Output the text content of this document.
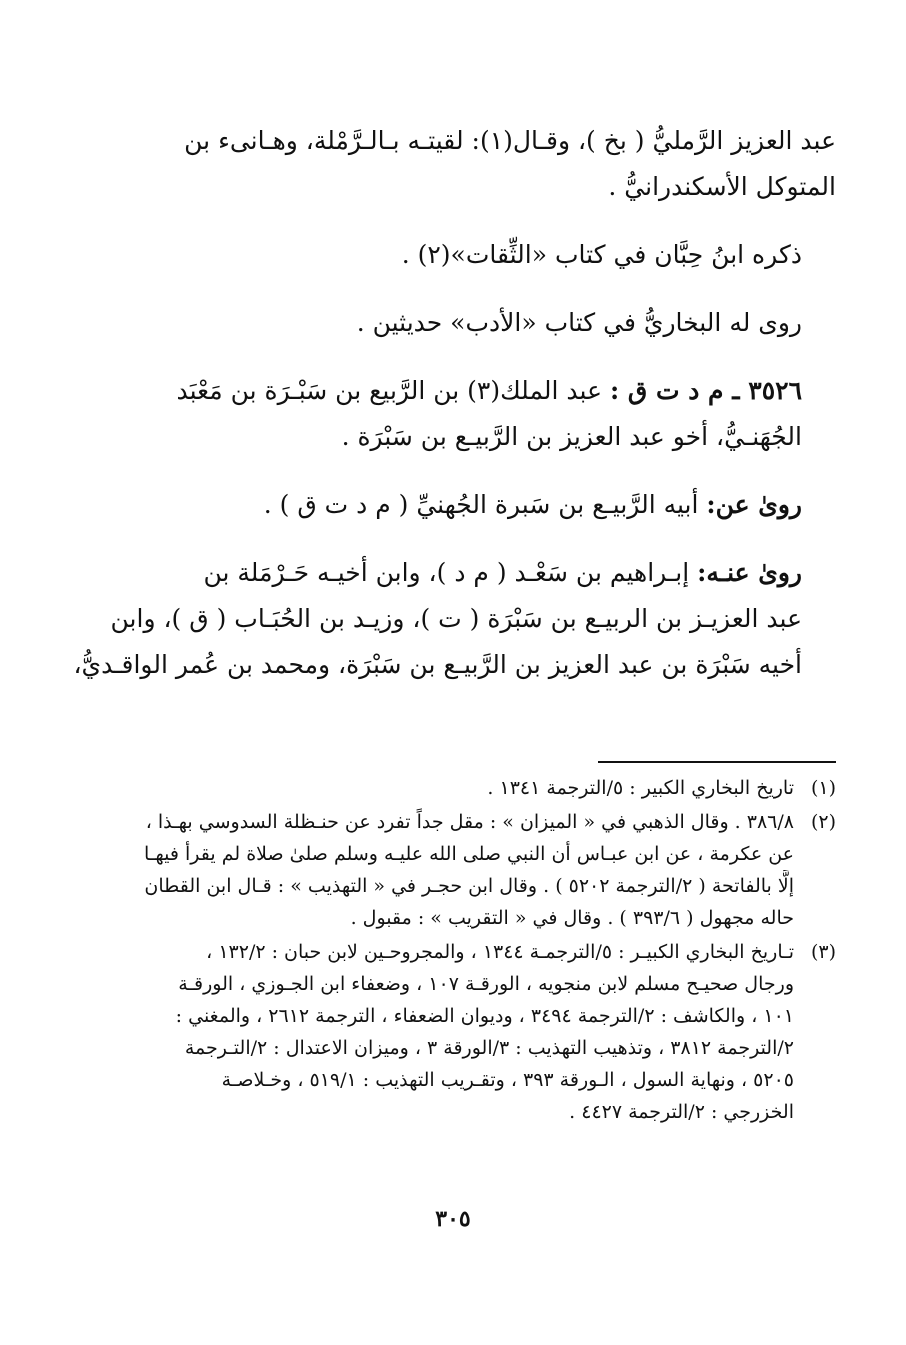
عبد العزيز الرَّمليُّ ( بخ )، وقـال(١): لقيتـه بـالـرَّمْلة، وهـانىء بن
المتوكل الأسكندرانيُّ .
ذكره ابنُ حِبَّان في كتاب «الثِّقات»(٢) .
روى له البخاريُّ في كتاب «الأدب» حديثين .
٣٥٢٦ ـ م د ت ق : عبد الملك(٣) بن الرَّبيع بن سَبْـرَة بن مَعْبَد
الجُهَنـيُّ، أخو عبد العزيز بن الرَّبيـع بن سَبْرَة .
روىٰ عن: أبيه الرَّبيـع بن سَبرة الجُهنيِّ ( م د ت ق ) .
روىٰ عنـه: إبـراهيم بن سَعْـد ( م د )، وابن أخيـه حَـرْمَلة بن
عبد العزيـز بن الربيـع بن سَبْرَة ( ت )، وزيـد بن الحُبَـاب ( ق )، وابن
أخيه سَبْرَة بن عبد العزيز بن الرَّبيـع بن سَبْرَة، ومحمد بن عُمر الواقـديُّ،
(١)
تاريخ البخاري الكبير : ٥/الترجمة ١٣٤١ .
(٢)
٣٨٦/٨ . وقال الذهبي في « الميزان » : مقل جداً تفرد عن حنـظلة السدوسي بهـذا ،
عن عكرمة ، عن ابن عبـاس أن النبي صلى الله عليـه وسلم صلىٰ صلاة لم يقرأ فيهـا
إلَّا بالفاتحة ( ٢/الترجمة ٥٢٠٢ ) . وقال ابن حجـر في « التهذيب » : قـال ابن القطان
حاله مجهول ( ٣٩٣/٦ ) . وقال في « التقريب » : مقبول .
(٣)
تـاريخ البخاري الكبيـر : ٥/الترجمـة ١٣٤٤ ، والمجروحـين لابن حبان : ١٣٢/٢ ،
ورجال صحيـح مسلم لابن منجويه ، الورقـة ١٠٧ ، وضعفاء ابن الجـوزي ، الورقـة
١٠١ ، والكاشف : ٢/الترجمة ٣٤٩٤ ، وديوان الضعفاء ، الترجمة ٢٦١٢ ، والمغني :
٢/الترجمة ٣٨١٢ ، وتذهيب التهذيب : ٣/الورقة ٣ ، وميزان الاعتدال : ٢/التـرجمة
٥٢٠٥ ، ونهاية السول ، الـورقة ٣٩٣ ، وتقـريب التهذيب : ٥١٩/١ ، وخـلاصـة
الخزرجي : ٢/الترجمة ٤٤٢٧ .
٣٠٥
